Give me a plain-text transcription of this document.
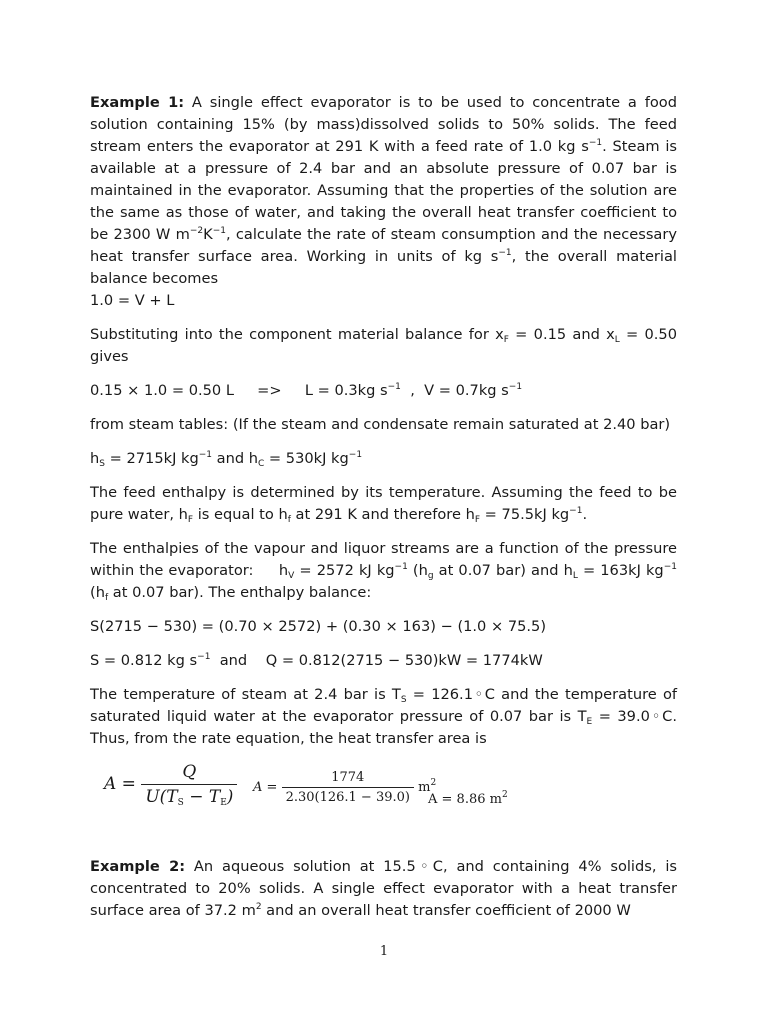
Example 1: A single effect evaporator is to be used to concentrate a food solution containing 15% (by mass)dissolved solids to 50% solids. The feed stream enters the evaporator at 291 K with a feed rate of 1.0 kg $s^{-1}$. Steam is available at a pressure of 2.4 bar and an absolute pressure of 0.07 bar is maintained in the evaporator. Assuming that the properties of the solution are the same as those of water, and taking the overall heat transfer coefficient to be 2300 W $m^{-2}K^{-1}$, calculate the rate of steam consumption and the necessary heat transfer surface area. Working in units of kg $s^{-1}$, the overall material balance becomes
1.0 = V + L

Substituting into the component material balance for $x_F = 0.15$ and $x_L = 0.50$ gives

0.15 × 1.0 = 0.50 L     =>     L = 0.3kg $s^{-1}$  ,  V = 0.7kg $s^{-1}$

from steam tables: (If the steam and condensate remain saturated at 2.40 bar)

$h_S = 2715kJ$ $kg^{-1}$ and $h_C = 530kJ$ $kg^{-1}$

The feed enthalpy is determined by its temperature. Assuming the feed to be pure water, $h_F$ is equal to $h_f$ at 291 K and therefore $h_F = 75.5kJ$ $kg^{-1}$.

The enthalpies of the vapour and liquor streams are a function of the pressure within the evaporator:     $h_V = 2572$ kJ $kg^{-1}$ ($h_g$ at 0.07 bar) and $h_L = 163kJ$ $kg^{-1}$ ($h_f$ at 0.07 bar). The enthalpy balance:

S(2715 − 530) = (0.70 × 2572) + (0.30 × 163) − (1.0 × 75.5)

S = 0.812 kg $s^{-1}$  and    Q = 0.812(2715 − 530)kW = 1774kW

The temperature of steam at 2.4 bar is $T_S$ = 126.1◦C and the temperature of saturated liquid water at the evaporator pressure of 0.07 bar is $T_E$ = 39.0◦C. Thus, from the rate equation, the heat transfer area is

$A = \frac{Q}{U(T_S - T_E)}$ $A = \frac{1774}{2.30(126.1 - 39.0)} m^2$
A = 8.86 $m^2$

Example 2: An aqueous solution at 15.5◦C, and containing 4% solids, is concentrated to 20% solids. A single effect evaporator with a heat transfer surface area of 37.2 $m^2$ and an overall heat transfer coefficient of 2000 W

1
